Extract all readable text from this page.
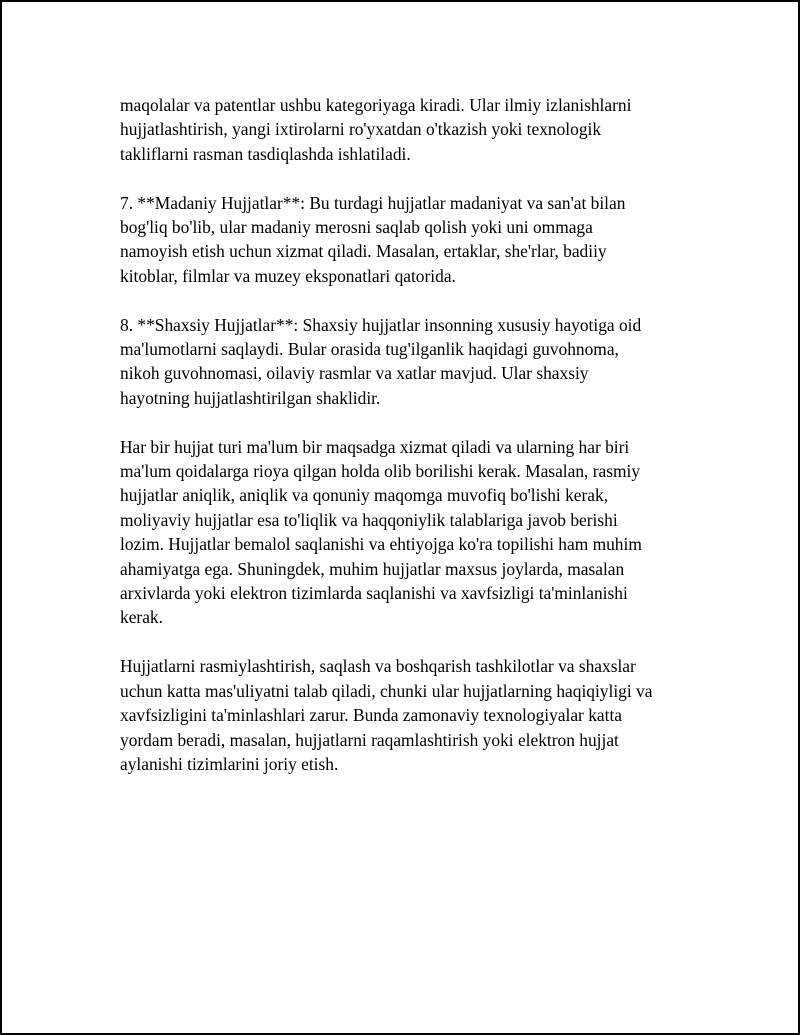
maqolalar va patentlar ushbu kategoriyaga kiradi. Ular ilmiy izlanishlarni
hujjatlashtirish, yangi ixtirolarni ro'yxatdan o'tkazish yoki texnologik
takliflarni rasman tasdiqlashda ishlatiladi.

7. **Madaniy Hujjatlar**: Bu turdagi hujjatlar madaniyat va san'at bilan
bog'liq bo'lib, ular madaniy merosni saqlab qolish yoki uni ommaga
namoyish etish uchun xizmat qiladi. Masalan, ertaklar, she'rlar, badiiy
kitoblar, filmlar va muzey eksponatlari qatorida.

8. **Shaxsiy Hujjatlar**: Shaxsiy hujjatlar insonning xususiy hayotiga oid
ma'lumotlarni saqlaydi. Bular orasida tug'ilganlik haqidagi guvohnoma,
nikoh guvohnomasi, oilaviy rasmlar va xatlar mavjud. Ular shaxsiy
hayotning hujjatlashtirilgan shaklidir.

Har bir hujjat turi ma'lum bir maqsadga xizmat qiladi va ularning har biri
ma'lum qoidalarga rioya qilgan holda olib borilishi kerak. Masalan, rasmiy
hujjatlar aniqlik, aniqlik va qonuniy maqomga muvofiq bo'lishi kerak,
moliyaviy hujjatlar esa to'liqlik va haqqoniylik talablariga javob berishi
lozim. Hujjatlar bemalol saqlanishi va ehtiyojga ko'ra topilishi ham muhim
ahamiyatga ega. Shuningdek, muhim hujjatlar maxsus joylarda, masalan
arxivlarda yoki elektron tizimlarda saqlanishi va xavfsizligi ta'minlanishi
kerak.

Hujjatlarni rasmiylashtirish, saqlash va boshqarish tashkilotlar va shaxslar
uchun katta mas'uliyatni talab qiladi, chunki ular hujjatlarning haqiqiyligi va
xavfsizligini ta'minlashlari zarur. Bunda zamonaviy texnologiyalar katta
yordam beradi, masalan, hujjatlarni raqamlashtirish yoki elektron hujjat
aylanishi tizimlarini joriy etish.
